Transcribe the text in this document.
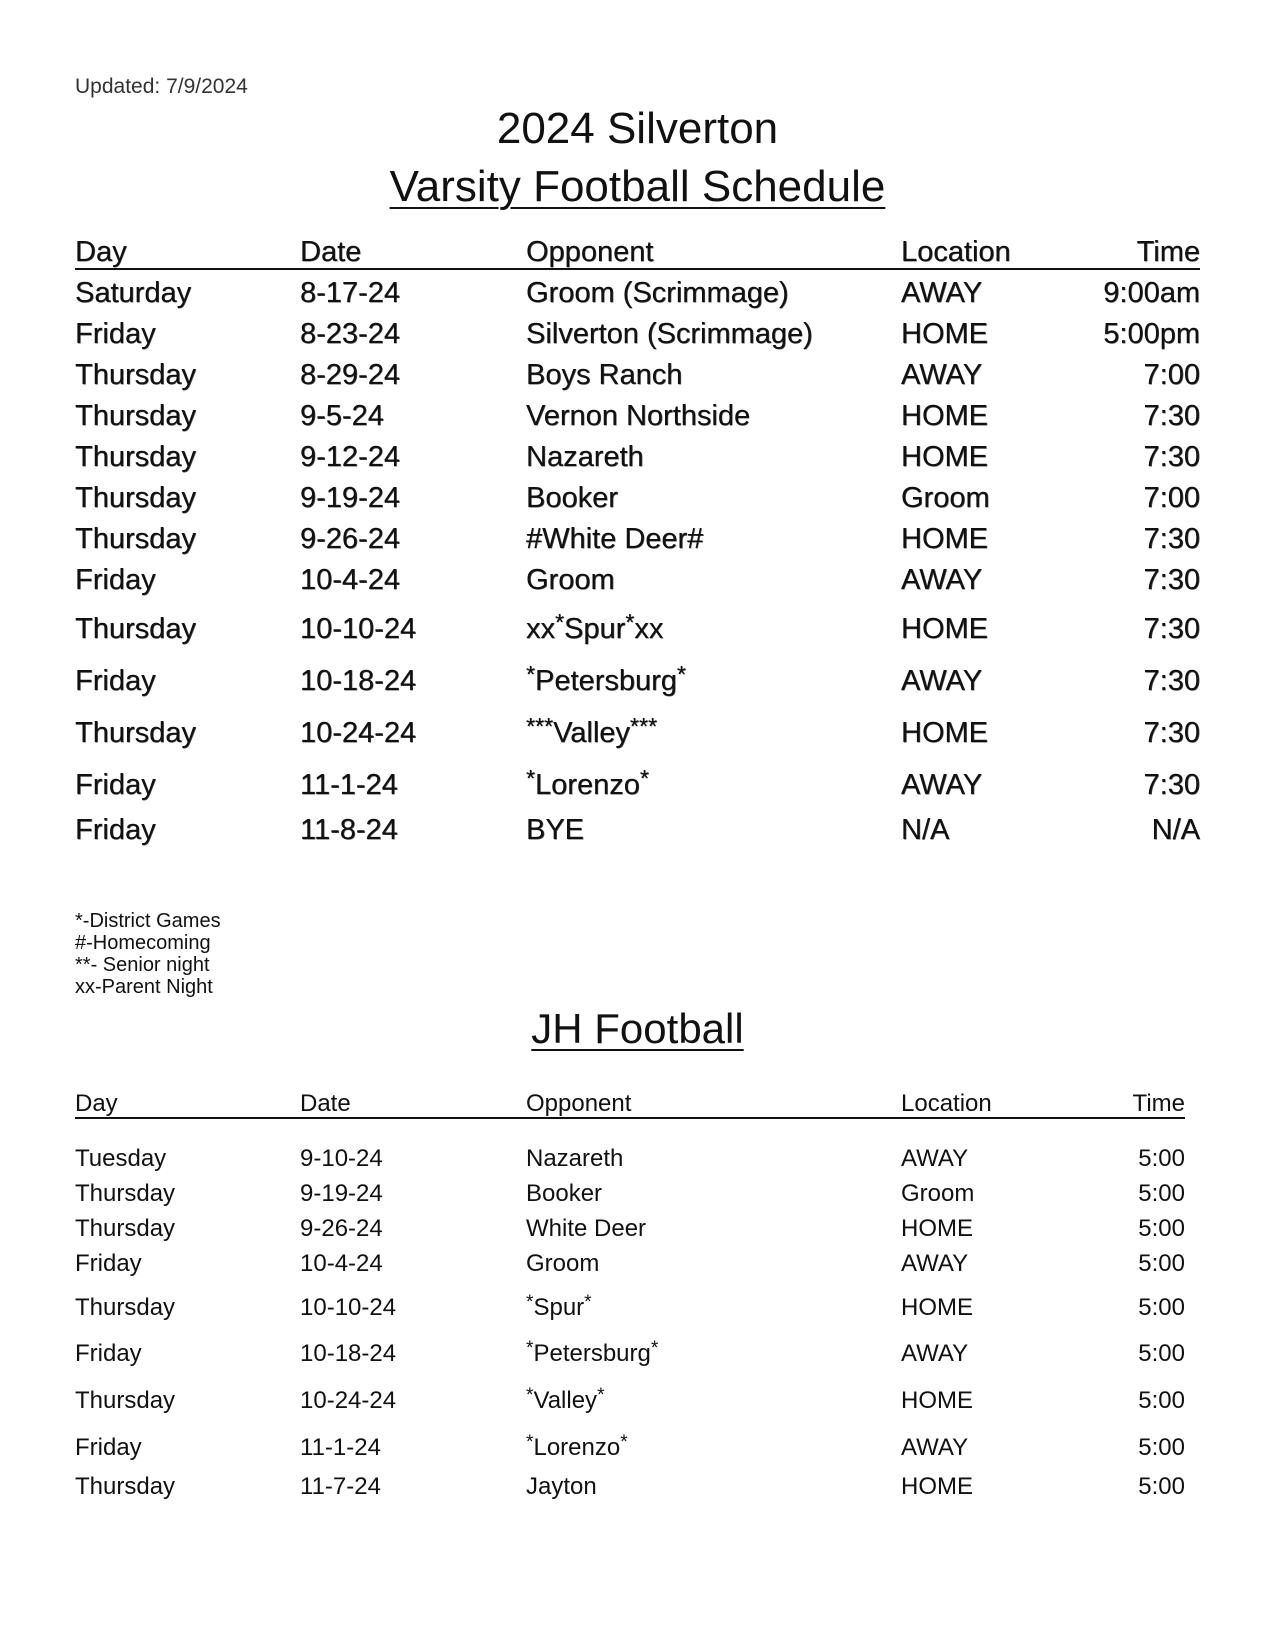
Updated: 7/9/2024
2024 Silverton
Varsity Football Schedule
Day	Date	Opponent	Location	Time
Saturday	8-17-24	Groom (Scrimmage)	AWAY	9:00am
Friday	8-23-24	Silverton (Scrimmage)	HOME	5:00pm
Thursday	8-29-24	Boys Ranch	AWAY	7:00
Thursday	9-5-24	Vernon Northside	HOME	7:30
Thursday	9-12-24	Nazareth	HOME	7:30
Thursday	9-19-24	Booker	Groom	7:00
Thursday	9-26-24	#White Deer#	HOME	7:30
Friday	10-4-24	Groom	AWAY	7:30
Thursday	10-10-24	xx*Spur*xx	HOME	7:30
Friday	10-18-24	*Petersburg*	AWAY	7:30
Thursday	10-24-24	***Valley***	HOME	7:30
Friday	11-1-24	*Lorenzo*	AWAY	7:30
Friday	11-8-24	BYE	N/A	N/A
*-District Games
#-Homecoming
**- Senior night
xx-Parent Night
JH Football
Day	Date	Opponent	Location	Time
Tuesday	9-10-24	Nazareth	AWAY	5:00
Thursday	9-19-24	Booker	Groom	5:00
Thursday	9-26-24	White Deer	HOME	5:00
Friday	10-4-24	Groom	AWAY	5:00
Thursday	10-10-24	*Spur*	HOME	5:00
Friday	10-18-24	*Petersburg*	AWAY	5:00
Thursday	10-24-24	*Valley*	HOME	5:00
Friday	11-1-24	*Lorenzo*	AWAY	5:00
Thursday	11-7-24	Jayton	HOME	5:00
